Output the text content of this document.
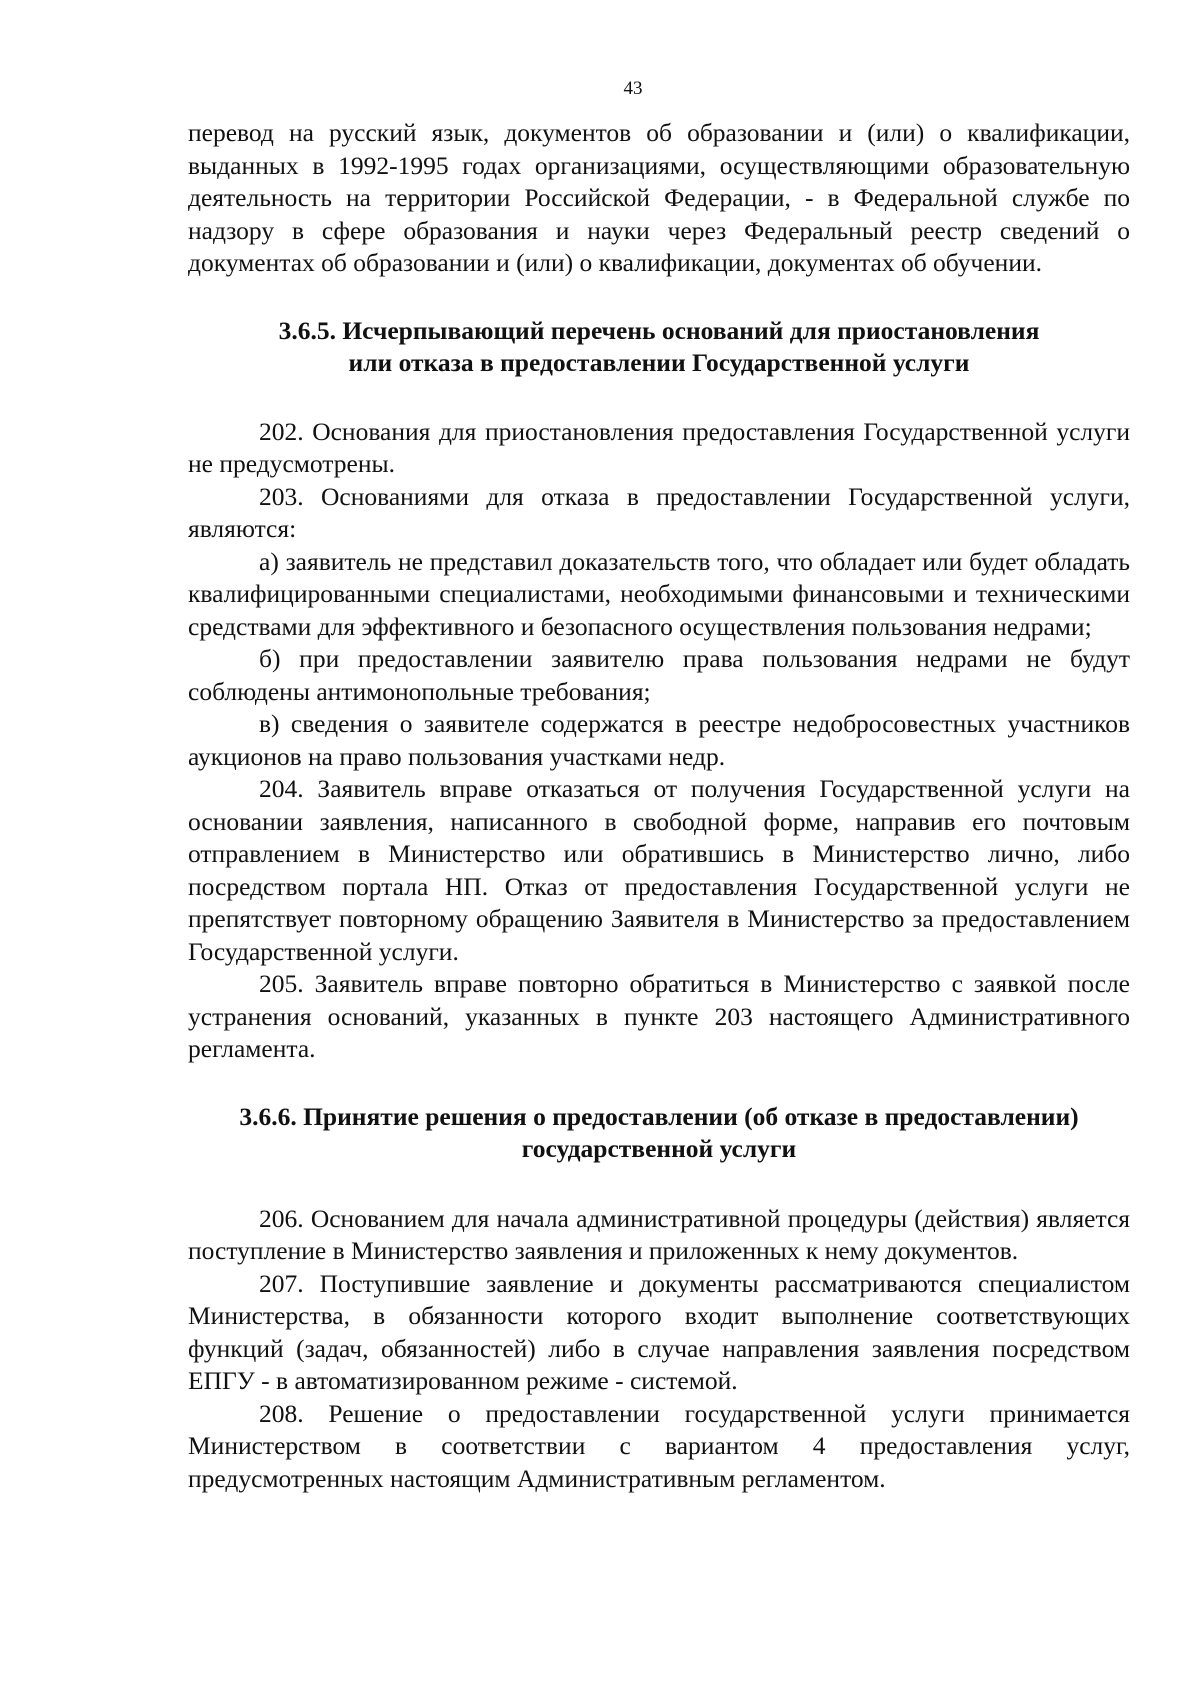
43

перевод на русский язык, документов об образовании и (или) о квалификации, выданных в 1992-1995 годах организациями, осуществляющими образовательную деятельность на территории Российской Федерации, - в Федеральной службе по надзору в сфере образования и науки через Федеральный реестр сведений о документах об образовании и (или) о квалификации, документах об обучении.

3.6.5. Исчерпывающий перечень оснований для приостановления
или отказа в предоставлении Государственной услуги

202. Основания для приостановления предоставления Государственной услуги не предусмотрены.

203. Основаниями для отказа в предоставлении Государственной услуги, являются:

а) заявитель не представил доказательств того, что обладает или будет обладать квалифицированными специалистами, необходимыми финансовыми и техническими средствами для эффективного и безопасного осуществления пользования недрами;

б) при предоставлении заявителю права пользования недрами не будут соблюдены антимонопольные требования;

в) сведения о заявителе содержатся в реестре недобросовестных участников аукционов на право пользования участками недр.

204. Заявитель вправе отказаться от получения Государственной услуги на основании заявления, написанного в свободной форме, направив его почтовым отправлением в Министерство или обратившись в Министерство лично, либо посредством портала НП. Отказ от предоставления Государственной услуги не препятствует повторному обращению Заявителя в Министерство за предоставлением Государственной услуги.

205. Заявитель вправе повторно обратиться в Министерство с заявкой после устранения оснований, указанных в пункте 203 настоящего Административного регламента.

3.6.6. Принятие решения о предоставлении (об отказе в предоставлении)
государственной услуги

206. Основанием для начала административной процедуры (действия) является поступление в Министерство заявления и приложенных к нему документов.

207. Поступившие заявление и документы рассматриваются специалистом Министерства, в обязанности которого входит выполнение соответствующих функций (задач, обязанностей) либо в случае направления заявления посредством ЕПГУ - в автоматизированном режиме - системой.

208. Решение о предоставлении государственной услуги принимается Министерством в соответствии с вариантом 4 предоставления услуг, предусмотренных настоящим Административным регламентом.
